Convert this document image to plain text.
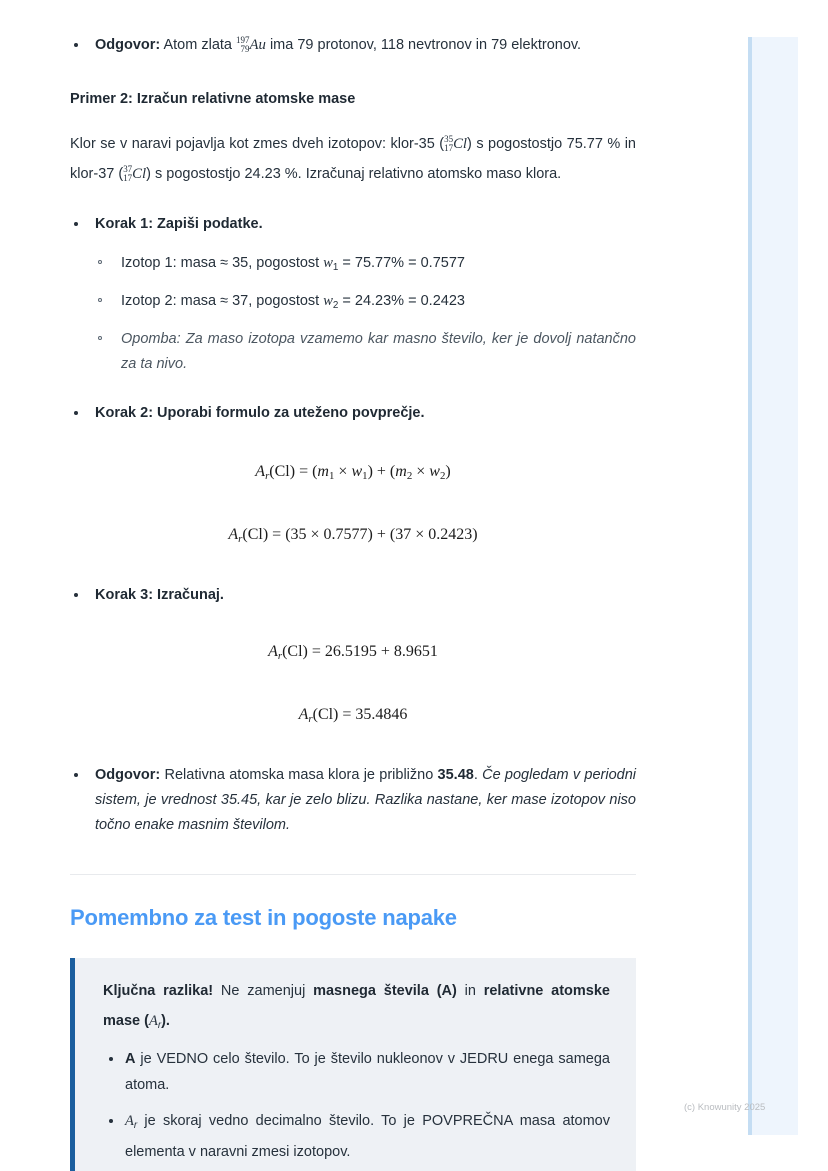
Odgovor: Atom zlata 197
79 Au ima 79 protonov, 118 nevtronov in 79 elektronov.

Primer 2: Izračun relativne atomske mase

Klor se v naravi pojavlja kot zmes dveh izotopov: klor-35 ( 35
17 Cl) s pogostostjo 75.77 % in klor-37 ( 37
17 Cl) s pogostostjo 24.23 %. Izračunaj relativno atomsko maso klora.

Korak 1: Zapiši podatke.
Izotop 1: masa ≈ 35, pogostost $w_1 = 75.77\% = 0.7577$
Izotop 2: masa ≈ 37, pogostost $w_2 = 24.23\% = 0.2423$
Opomba: Za maso izotopa vzamemo kar masno število, ker je dovolj natančno za ta nivo.
Korak 2: Uporabi formulo za uteženo povprečje.
$A_r(Cl) = (m_1 \times w_1) + (m_2 \times w_2)$
$A_r(Cl) = (35 \times 0.7577) + (37 \times 0.2423)$
Korak 3: Izračunaj.
$A_r(Cl) = 26.5195 + 8.9651$
$A_r(Cl) = 35.4846$
Odgovor: Relativna atomska masa klora je približno 35.48. Če pogledam v periodni sistem, je vrednost 35.45, kar je zelo blizu. Razlika nastane, ker mase izotopov niso točno enake masnim številom.
Pomembno za test in pogoste napake

Ključna razlika! Ne zamenjuj masnega števila (A) in relativne atomske mase $(A_r)$.

A je VEDNO celo število. To je število nukleonov v JEDRU enega samega atoma.
$A_r$ je skoraj vedno decimalno število. To je POVPREČNA masa atomov elementa v naravni zmesi izotopov.
(c) Knowunity 2025
